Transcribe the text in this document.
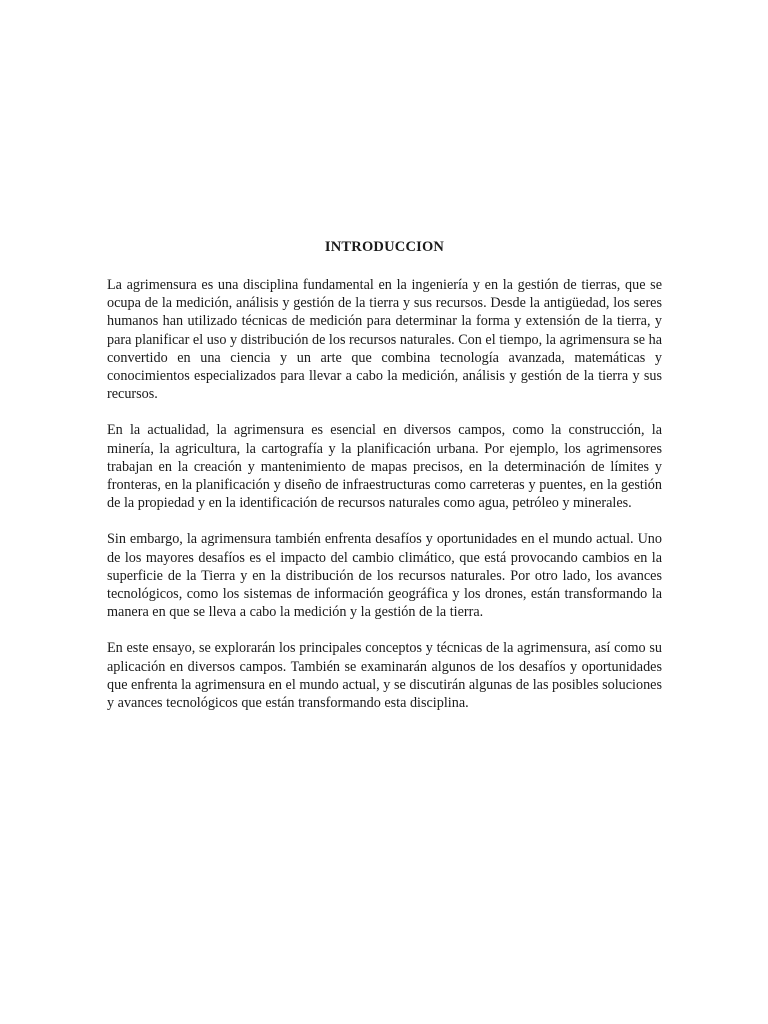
INTRODUCCION

La agrimensura es una disciplina fundamental en la ingeniería y en la gestión de tierras, que se ocupa de la medición, análisis y gestión de la tierra y sus recursos. Desde la antigüedad, los seres humanos han utilizado técnicas de medición para determinar la forma y extensión de la tierra, y para planificar el uso y distribución de los recursos naturales. Con el tiempo, la agrimensura se ha convertido en una ciencia y un arte que combina tecnología avanzada, matemáticas y conocimientos especializados para llevar a cabo la medición, análisis y gestión de la tierra y sus recursos.

En la actualidad, la agrimensura es esencial en diversos campos, como la construcción, la minería, la agricultura, la cartografía y la planificación urbana. Por ejemplo, los agrimensores trabajan en la creación y mantenimiento de mapas precisos, en la determinación de límites y fronteras, en la planificación y diseño de infraestructuras como carreteras y puentes, en la gestión de la propiedad y en la identificación de recursos naturales como agua, petróleo y minerales.

Sin embargo, la agrimensura también enfrenta desafíos y oportunidades en el mundo actual. Uno de los mayores desafíos es el impacto del cambio climático, que está provocando cambios en la superficie de la Tierra y en la distribución de los recursos naturales. Por otro lado, los avances tecnológicos, como los sistemas de información geográfica y los drones, están transformando la manera en que se lleva a cabo la medición y la gestión de la tierra.

En este ensayo, se explorarán los principales conceptos y técnicas de la agrimensura, así como su aplicación en diversos campos. También se examinarán algunos de los desafíos y oportunidades que enfrenta la agrimensura en el mundo actual, y se discutirán algunas de las posibles soluciones y avances tecnológicos que están transformando esta disciplina.
